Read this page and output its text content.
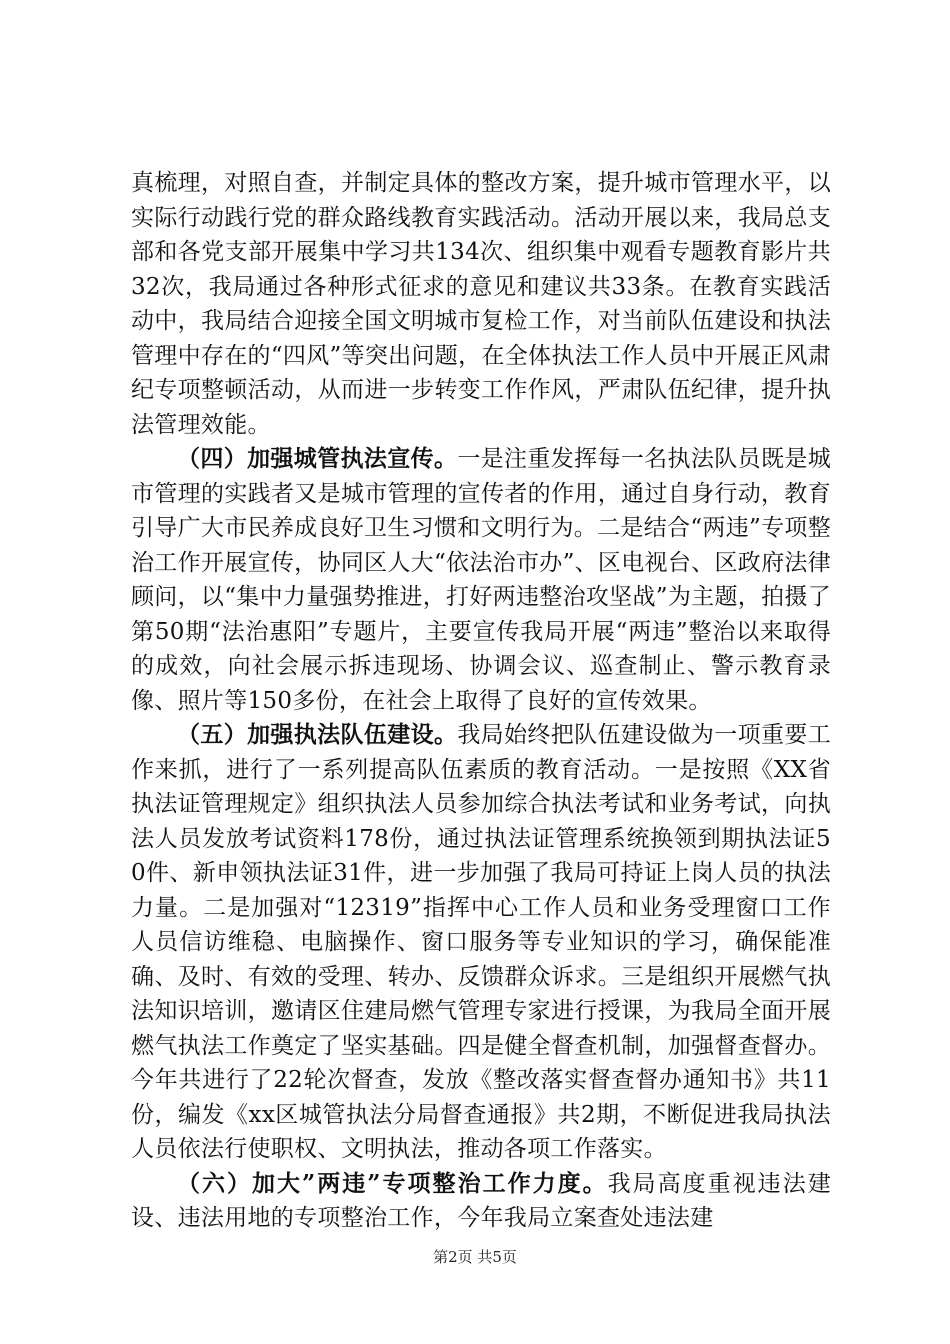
真梳理，对照自查，并制定具体的整改方案，提升城市管理水平，以实际行动践行党的群众路线教育实践活动。活动开展以来，我局总支部和各党支部开展集中学习共134次、组织集中观看专题教育影片共32次，我局通过各种形式征求的意见和建议共33条。在教育实践活动中，我局结合迎接全国文明城市复检工作，对当前队伍建设和执法管理中存在的“四风”等突出问题，在全体执法工作人员中开展正风肃纪专项整顿活动，从而进一步转变工作作风，严肃队伍纪律，提升执法管理效能。

（四）加强城管执法宣传。一是注重发挥每一名执法队员既是城市管理的实践者又是城市管理的宣传者的作用，通过自身行动，教育引导广大市民养成良好卫生习惯和文明行为。二是结合“两违”专项整治工作开展宣传，协同区人大“依法治市办”、区电视台、区政府法律顾问，以“集中力量强势推进，打好两违整治攻坚战”为主题，拍摄了第50期“法治惠阳”专题片，主要宣传我局开展“两违”整治以来取得的成效，向社会展示拆违现场、协调会议、巡查制止、警示教育录像、照片等150多份，在社会上取得了良好的宣传效果。

（五）加强执法队伍建设。我局始终把队伍建设做为一项重要工作来抓，进行了一系列提高队伍素质的教育活动。一是按照《XX省执法证管理规定》组织执法人员参加综合执法考试和业务考试，向执法人员发放考试资料178份，通过执法证管理系统换领到期执法证50件、新申领执法证31件，进一步加强了我局可持证上岗人员的执法力量。二是加强对“12319”指挥中心工作人员和业务受理窗口工作人员信访维稳、电脑操作、窗口服务等专业知识的学习，确保能准确、及时、有效的受理、转办、反馈群众诉求。三是组织开展燃气执法知识培训，邀请区住建局燃气管理专家进行授课，为我局全面开展燃气执法工作奠定了坚实基础。四是健全督查机制，加强督查督办。今年共进行了22轮次督查，发放《整改落实督查督办通知书》共11份，编发《xx区城管执法分局督查通报》共2期，不断促进我局执法人员依法行使职权、文明执法，推动各项工作落实。

（六）加大”两违”专项整治工作力度。我局高度重视违法建设、违法用地的专项整治工作，今年我局立案查处违法建

第2页 共5页
